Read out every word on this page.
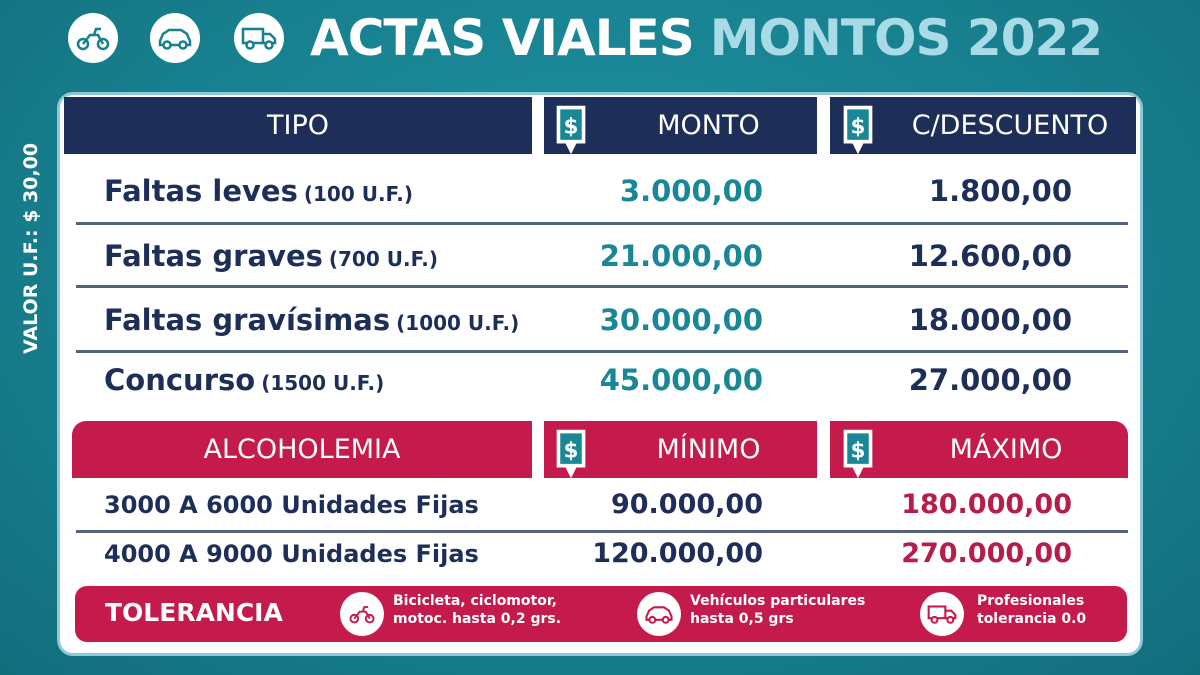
ACTAS VIALES MONTOS 2022
VALOR U.F.: $ 30,00
TIPO	MONTO	C/DESCUENTO
$	$
Faltas leves (100 U.F.)	3.000,00	1.800,00
Faltas graves (700 U.F.)	21.000,00	12.600,00
Faltas gravísimas (1000 U.F.)	30.000,00	18.000,00
Concurso (1500 U.F.)	45.000,00	27.000,00
ALCOHOLEMIA	MÍNIMO	MÁXIMO
$	$
3000 A 6000 Unidades Fijas	90.000,00	180.000,00
4000 A 9000 Unidades Fijas	120.000,00	270.000,00
TOLERANCIA	Bicicleta, ciclomotor,
motoc. hasta 0,2 grs.
Vehículos particulares
hasta 0,5 grs
Profesionales
tolerancia 0.0
